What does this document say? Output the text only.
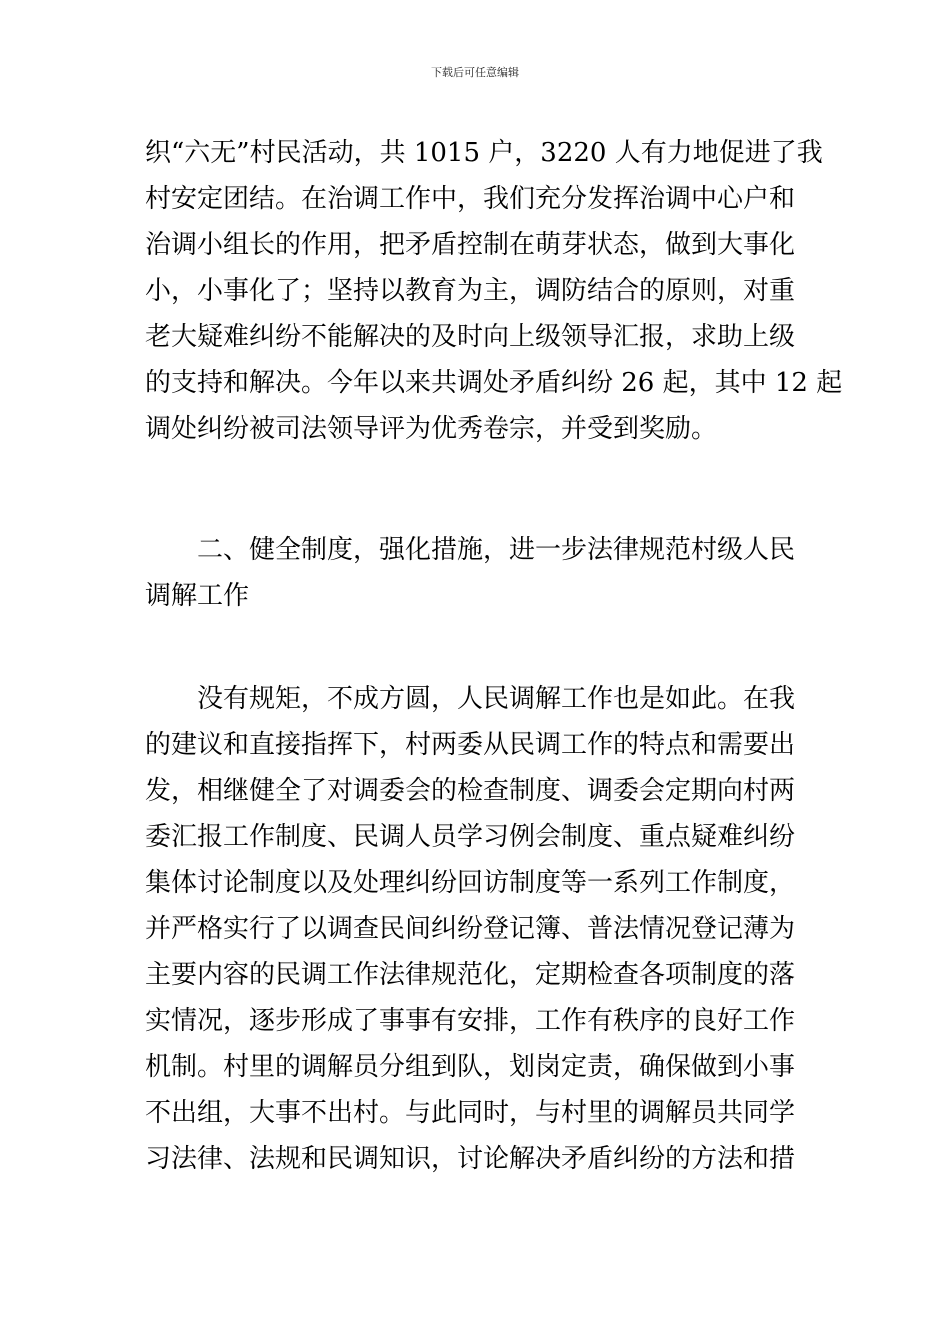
下载后可任意编辑
织“六无”村民活动，共 1015 户，3220 人有力地促进了我
村安定团结。在治调工作中，我们充分发挥治调中心户和
治调小组长的作用，把矛盾控制在萌芽状态，做到大事化
小，小事化了；坚持以教育为主，调防结合的原则，对重
老大疑难纠纷不能解决的及时向上级领导汇报，求助上级
的支持和解决。今年以来共调处矛盾纠纷 26 起，其中 12 起
调处纠纷被司法领导评为优秀卷宗，并受到奖励。
二、健全制度，强化措施，进一步法律规范村级人民
调解工作
没有规矩，不成方圆，人民调解工作也是如此。在我
的建议和直接指挥下，村两委从民调工作的特点和需要出
发，相继健全了对调委会的检查制度、调委会定期向村两
委汇报工作制度、民调人员学习例会制度、重点疑难纠纷
集体讨论制度以及处理纠纷回访制度等一系列工作制度，
并严格实行了以调查民间纠纷登记簿、普法情况登记薄为
主要内容的民调工作法律规范化，定期检查各项制度的落
实情况，逐步形成了事事有安排，工作有秩序的良好工作
机制。村里的调解员分组到队，划岗定责，确保做到小事
不出组，大事不出村。与此同时，与村里的调解员共同学
习法律、法规和民调知识，讨论解决矛盾纠纷的方法和措
